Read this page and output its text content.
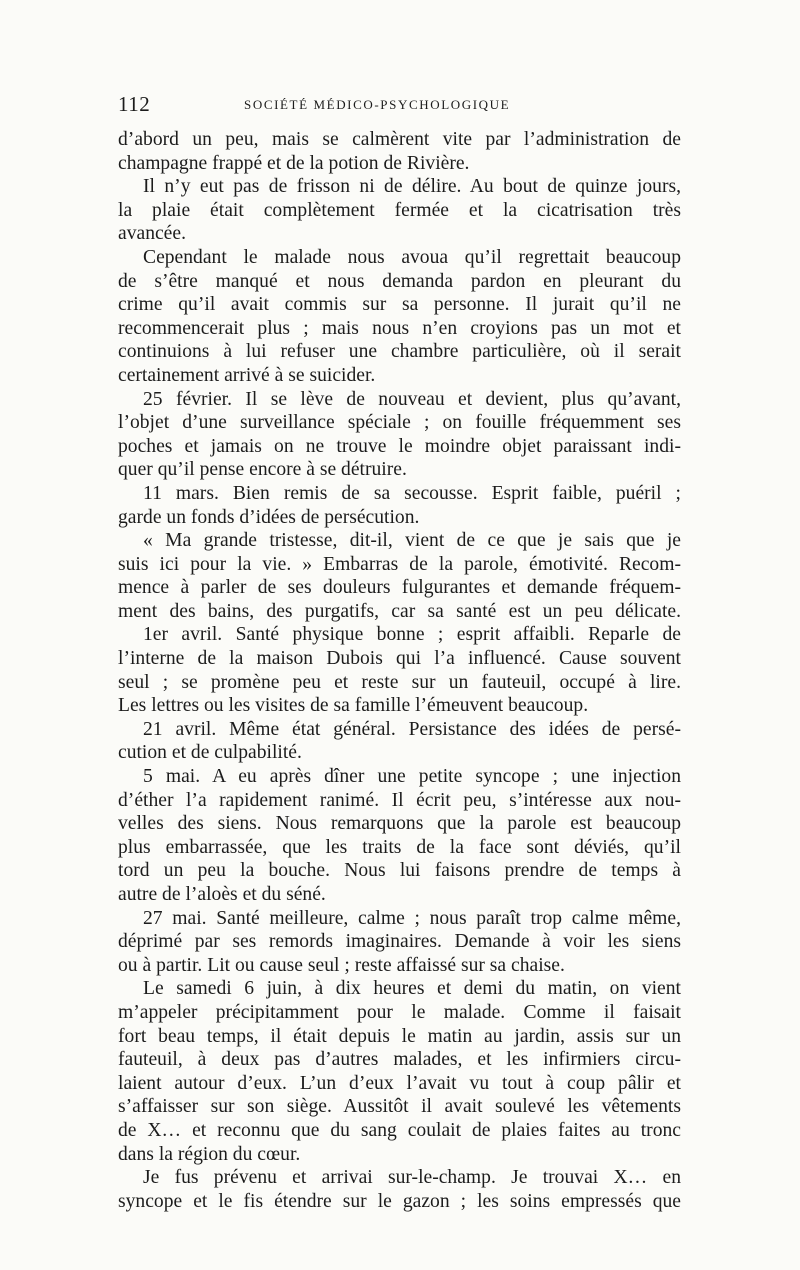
112	SOCIÉTÉ MÉDICO-PSYCHOLOGIQUE
d’abord un peu, mais se calmèrent vite par l’administration de
champagne frappé et de la potion de Rivière.
Il n’y eut pas de frisson ni de délire. Au bout de quinze jours,
la plaie était complètement fermée et la cicatrisation très
avancée.
Cependant le malade nous avoua qu’il regrettait beaucoup
de s’être manqué et nous demanda pardon en pleurant du
crime qu’il avait commis sur sa personne. Il jurait qu’il ne
recommencerait plus ; mais nous n’en croyions pas un mot et
continuions à lui refuser une chambre particulière, où il serait
certainement arrivé à se suicider.
25 février. Il se lève de nouveau et devient, plus qu’avant,
l’objet d’une surveillance spéciale ; on fouille fréquemment ses
poches et jamais on ne trouve le moindre objet paraissant indi-
quer qu’il pense encore à se détruire.
11 mars. Bien remis de sa secousse. Esprit faible, puéril ;
garde un fonds d’idées de persécution.
« Ma grande tristesse, dit-il, vient de ce que je sais que je
suis ici pour la vie. » Embarras de la parole, émotivité. Recom-
mence à parler de ses douleurs fulgurantes et demande fréquem-
ment des bains, des purgatifs, car sa santé est un peu délicate.
1er avril. Santé physique bonne ; esprit affaibli. Reparle de
l’interne de la maison Dubois qui l’a influencé. Cause souvent
seul ; se promène peu et reste sur un fauteuil, occupé à lire.
Les lettres ou les visites de sa famille l’émeuvent beaucoup.
21 avril. Même état général. Persistance des idées de persé-
cution et de culpabilité.
5 mai. A eu après dîner une petite syncope ; une injection
d’éther l’a rapidement ranimé. Il écrit peu, s’intéresse aux nou-
velles des siens. Nous remarquons que la parole est beaucoup
plus embarrassée, que les traits de la face sont déviés, qu’il
tord un peu la bouche. Nous lui faisons prendre de temps à
autre de l’aloès et du séné.
27 mai. Santé meilleure, calme ; nous paraît trop calme même,
déprimé par ses remords imaginaires. Demande à voir les siens
ou à partir. Lit ou cause seul ; reste affaissé sur sa chaise.
Le samedi 6 juin, à dix heures et demi du matin, on vient
m’appeler précipitamment pour le malade. Comme il faisait
fort beau temps, il était depuis le matin au jardin, assis sur un
fauteuil, à deux pas d’autres malades, et les infirmiers circu-
laient autour d’eux. L’un d’eux l’avait vu tout à coup pâlir et
s’affaisser sur son siège. Aussitôt il avait soulevé les vêtements
de X… et reconnu que du sang coulait de plaies faites au tronc
dans la région du cœur.
Je fus prévenu et arrivai sur-le-champ. Je trouvai X… en
syncope et le fis étendre sur le gazon ; les soins empressés que
